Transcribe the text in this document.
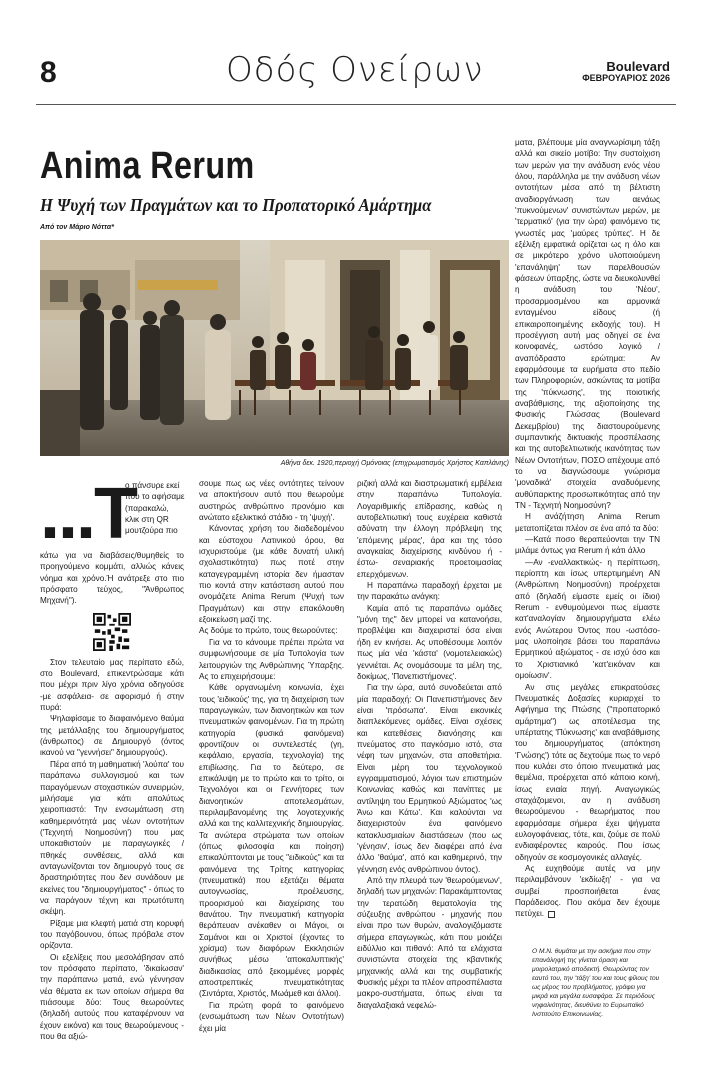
8	Οδός Ονείρων	Boulevard
ΦΕΒΡΟΥΑΡΙΟΣ 2026
Anima Rerum
Η Ψυχή των Πραγμάτων και το Προπατορικό Αμάρτημα
Από τον Μάριο Νόττα*
Αθήνα δεκ. 1920,περιοχή Ομόνοιας (επιχρωματισμός Χρήστος Καπλάνης)
...Τ
ο πάνσυρε εκεί που το αφήσαμε (παρακαλώ, κλικ στη QR μουτζούρα πιο

κάτω για να διαβάσεις/θυμηθείς το προηγούμενο κομμάτι, αλλιώς κάνεις νόημα και χρόνο.Ή ανάτρεξε στο πιο πρόσφατο τεύχος, "Άνθρωπος Μηχανή").

Στον τελευταίο μας περίπατο εδώ, στο Boulevard, επικεντρώσαμε κάτι που μέχρι πριν λίγο χρόνια οδηγούσε -με ασφάλεια- σε αφορισμό ή στην πυρά:

Ψηλαφίσαμε το διαφαινόμενο θαύμα της μετάλλαξης του δημιουργήματος (άνθρωπος) σε Δημιουργό (όντος ικανού να "γεννήσει" δημιουργούς).

Πέρα από τη μαθηματική 'λούπα' του παράπανω συλλογισμού και των παραγόμενων στοχαστικών συνειρμών, μιλήσαμε για κάτι απολύτως χειροπιαστό: Την ενσωμάτωση στη καθημερινότητά μας νέων οντοτήτων ('Τεχνητή Νοημοσύνη') που μας υποκαθιστούν με παραγωγικές / πθηκές συνθέσεις, αλλά και ανταγωνίζονται τον δημιουργό τους σε δραστηριότητες που δεν συνάδουν με εκείνες του "δημιουργήματος" - όπως το να παράγουν τέχνη και πρωτότυπη σκέψη.

Ρίξαμε μια κλεφτή ματιά στη κορυφή του παγόβουνου, όπως πρόβαλε στον ορίζοντα.

Οι εξελίξεις που μεσολάβησαν από τον πρόσφατο περίπατο, 'δικαίωσαν' την παράπανω ματιά, ενώ γέννησαν νέα θέματα εκ των οποίων σήμερα θα πιάσουμε δύο: Τους θεωρούντες (δηλαδή αυτούς που καταφέρνουν να έχουν εικόνα) και τους θεωρούμενους - που θα αξιώ-

σουμε πως ως νέες οντότητες τείνουν να αποκτήσουν αυτό που θεωρούμε αυστηρώς ανθρώπινο προνόμιο και ανώτατο εξελικτικό στάδιο - τη 'ψυχή'.

Κάνοντας χρήση του διαδεδομένου και εύστοχου Λατινικού όρου, θα ισχυριστούμε (με κάθε δυνατή υλική σχολαστικότητα) πως ποτέ στην καταγεγραμμένη ιστορία δεν ήμασταν πιο κοντά στην κατάσταση αυτού που ονομάζετε Anima Rerum (Ψυχή των Πραγμάτων) και στην επακόλουθη εξοικείωση μαζί της.

Ας δούμε το πρώτο, τους θεωρούντες:

Για να το κάνουμε πρέπει πρώτα να συμφωνήσουμε σε μία Τυπολογία των λειτουργιών της Ανθρώπινης Ύπαρξης. Ας το επιχειρήσουμε:

Κάθε οργανωμένη κοινωνία, έχει τους 'ειδικούς' της, για τη διαχείριση των παραγωγικών, των διανοητικών και των πνευματικών φαινομένων. Για τη πρώτη κατηγορία (φυσικά φαινόμενα) φροντίζουν οι συντελεστές (γη, κεφάλαιο, εργασία, τεχνολογία) της επιβίωσης. Για το δεύτερο, σε επικάλυψη με το πρώτο και το τρίτο, οι Τεχνολόγοι και οι Γεννήτορες των διανοητικών αποτελεσμάτων, περιλαμβανομένης της λογοτεχνικής αλλά και της καλλιτεχνικής δημιουργίας. Τα ανώτερα στρώματα των οποίων (όπως φιλοσοφία και ποίηση) επικαλύπτονται με τους "ειδικούς" και τα φαινόμενα της Τρίτης κατηγορίας (πνευματικά) που εξετάζει θέματα αυτογνωσίας, προέλευσης, προορισμού και διαχείρισης του θανάτου. Την πνευματική κατηγορία θεράπευαν ανέκαθεν οι Μάγοι, οι Σαμάνοι και οι Χριστοί (έχοντες το χρίσμα) των διαφόρων Εκκλησιών συνήθως μέσω 'αποκαλυπτικής' διαδικασίας από ξεκομμένες μορφές αποστρεπτικές πνευματικότητας (Σιντάρτα, Χριστός, Μωάμεθ και άλλοι).

Για πρώτη φορά το φαινόμενο (ενσωμάτωση των Νέων Οντοτήτων) έχει μία

ριζική αλλά και διαστρωματική εμβέλεια στην παραπάνω Τυπολογία. Λογαριθμικής επίδρασης, καθώς η αυτοβελτιωτική τους ευχέρεια καθιστά αδύνατη την έλλογη πρόβλεψη της 'επόμενης μέρας', άρα και της τόσο αναγκαίας διαχείρισης κινδύνου ή - έστω- σεναριακής προετοιμασίας επερχόμενων.

Η παραπάνω παραδοχή έρχεται με την παρακάτω ανάγκη:

Καμία από τις παραπάνω ομάδες "μόνη της" δεν μπορεί να κατανοήσει, προβλέψει και διαχειριστεί όσα είναι ήδη εν κινήσει. Ας υποθέσουμε λοιπόν πως μία νέα 'κάστα' (νομοτελειακώς) γεννιέται. Ας ονομάσουμε τα μέλη της, δοκίμως, 'Πανεπιστήμονες'.

Για την ώρα, αυτό συνοδεύεται από μία παραδοχή: Οι Πανεπιστήμονες δεν είναι 'πρόσωπα'. Είναι εικονικές διαπλεκόμενες ομάδες. Είναι σχέσεις και κατεθέσεις διανόησης και πνεύματος στο παγκόσμιο ιστό, στα νέφη των μηχανών, στα αποθετήρια. Είναι μέρη του τεχνολογικού εγγραμματισμού, λόγιοι των επιστημών Κοινωνίας καθώς και πανίπτες με αντίληψη του Ερμητικού Αξιώματος 'ως Άνω και Κάτω'. Και καλούνται να διαχειριστούν ένα φαινόμενο κατακλυσμιαίων διαστάσεων (που ως 'γένησιν', ίσως δεν διαφέρει από ένα άλλο 'θαύμα', από και καθημερινό, την γέννηση ενός ανθρώπινου όντος).

Από την πλευρά των 'θεωρούμενων', δηλαδή των μηχανών: Παρακάμπτοντας την τερατώδη θεματολογία της σύζευξης ανθρώπου - μηχανής που είναι προ των θυρών, αναλογιζόμαστε σήμερα επαγωγικώς, κάτι που μοιάζει ειδύλλιο και πιθανό: Από τα ελάχιστα συνιστώντα στοιχεία της κβαντικής μηχανικής αλλά και της συμβατικής Φυσικής μέχρι τα πλέον απροσπέλαστα μακρο-συστήματα, όπως είναι τα διαγαλαξιακά νεφελώ-

ματα, βλέπουμε μία αναγνωρίσιμη τάξη αλλά και σικείο μοτίβο: Την συστοίχιση των μερών για την ανάδυση ενός νέου όλου, παράλληλα με την ανάδυση νέων οντοτήτων μέσα από τη βέλτιστη αναδιοργάνωση των αενάως 'πυκνούμενων' συνιστώντων μερών, με 'τερματικό' (για την ώρα) φαινόμενο τις γνωστές μας 'μαύρες τρύπες'. Η δε εξέλιξη εμφατικά ορίζεται ως η όλο και σε μικρότερο χρόνο υλοποιούμενη 'επανάληψη' των παρελθουσών φάσεων ύπαρξης, ώστε να διευκολυνθεί η ανάδυση του 'Νέου', προσαρμοσμένου και αρμονικά ενταγμένου είδους (ή επικαιροποιημένης εκδοχής του). Η προσέγγιση αυτή μας οδηγεί σε ένα κοινοφανές, ωστόσο λογικό / αναπόδραστο ερώτημα: Αν εφαρμόσουμε τα ευρήματα στο πεδίο των Πληροφοριών, ασκώντας τα μοτίβα της 'πύκνωσης', της ποιοτικής αναβάθμισης, της αξιοποίησης της Φυσικής Γλώσσας (Boulevard Δεκεμβρίου) της διαστουρούμενης συμπαντικής δικτυακής προσπέλασης και της αυτοβελτιωτικής ικανότητας των Νέων Οντοτήτων, ΠΟΣΟ απέχουμε από το να διαγνώσουμε γνώρισμα 'μοναδικά' στοιχεία αναδυόμενης αυθύπαρκτης προσωπικότητας από την ΤΝ - Τεχνητή Νοημοσύνη?

Η ανάζήτηση Anima Rerum μετατοπίζεται πλέον σε ένα από τα δύο:

—Κατά ποσο θεραπεύονται την ΤΝ μιλάμε όντως για Rerum ή κάτι άλλο

—Αν -εναλλακτικώς- η περίπτωση, περίοπτη και ίσως υπερτιμημένη ΑΝ (Ανθρώπινη Νοημοσύνη) προέρχεται από (δηλαδή είμαστε εμείς οι ίδιοι) Rerum - ενθυμούμενοι πως είμαστε κατ'αναλογίαν δημιουργήματα ελέω ενός Ανώτερου Όντος που -ωστόσο- μας υλοποίησε βάσει του παραπάνω Ερμητικού αξιώματος - σε ισχύ όσο και το Χριστιανικό 'κατ'εικόναν και ομοίωσιν'.

Αν στις μεγάλες επικρατούσες Πνευματικές Δοξασίες κυριαρχεί το Αφήγημα της Πτώσης ("προπατορικό αμάρτημα") ως αποτέλεσμα της υπέρτατης 'Πύκνωσης' και αναβάθμισης του δημιουργήματος (απόκτηση 'Γνώσης') τότε ας δεχτούμε πως το νερό που κυλάει στο όποιο πνευματικά μας θεμέλια, προέρχεται από κάποιο κοινή, ίσως ενιαία πηγή. Αναγωγικώς σταχάζομενοι, αν η ανάδυση θεωρούμενου - θεωρήματος που εφαρμόσαμε σήμερα έχει ψήγματα ευλογοφάνειας, τότε, και, ζούμε σε πολύ ενδιαφέροντες καιρούς. Που ίσως οδηγούν σε κοσμογονικές αλλαγές.

Ας ευχηθούμε αυτές να μην περιλαμβάνουν 'εκδίωξη' - για να συμβεί προσποιήθεται ένας Παράδεισος. Που ακόμα δεν έχουμε πετύχει.

Ο Μ.Ν. θυμάται με την ασκήμια που στην επανάληψή της γίνεται όραση και μοιρολατρικό αποδεκτή. Θεωρώντας τον εαυτό του, την 'τάξη' του και τους φίλους του ως μέρος του προβλήματος, γράφει για μικρά και μεγάλα ευσαφάρα. Σε περιόδους νηφαλιότητας, διευθύνει το Ευρωπαϊκό Ινστιτούτο Επικοινωνίας.
